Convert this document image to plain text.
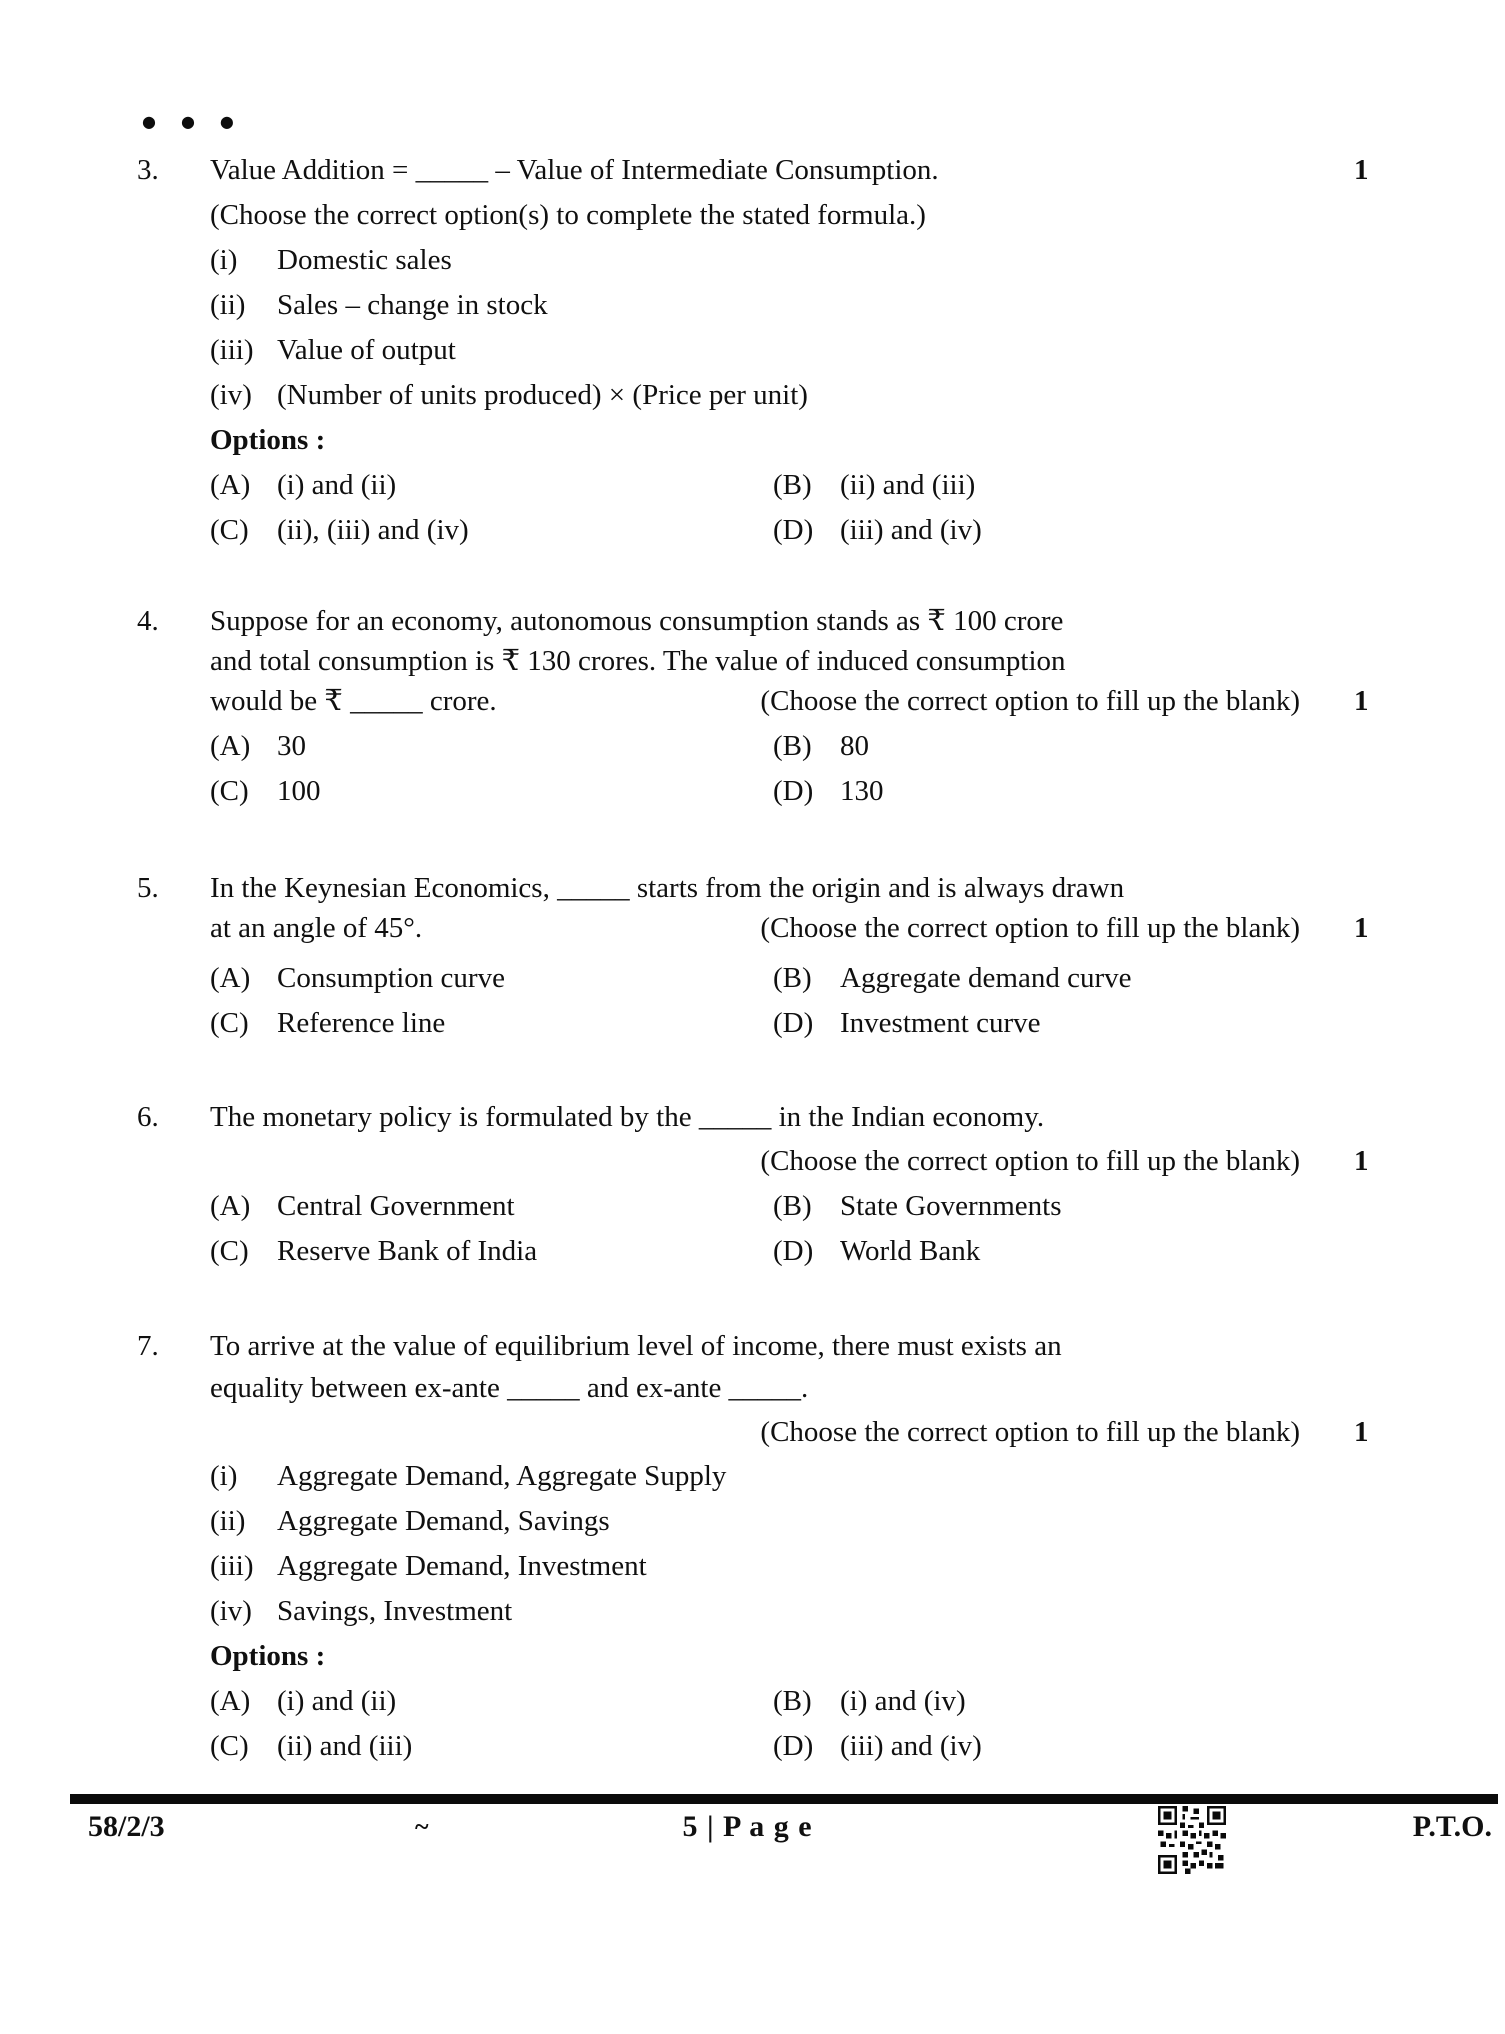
●●●
1
3.	Value Addition = _____ – Value of Intermediate Consumption.
(Choose the correct option(s) to complete the stated formula.)
(i) Domestic sales
(ii) Sales – change in stock
(iii) Value of output
(iv) (Number of units produced) × (Price per unit)
Options :
(A) (i) and (ii)	(B) (ii) and (iii)
(C) (ii), (iii) and (iv)	(D) (iii) and (iv)
1
4.	Suppose for an economy, autonomous consumption stands as ₹ 100 crore
and total consumption is ₹ 130 crores. The value of induced consumption
would be ₹ _____ crore.	(Choose the correct option to fill up the blank)
(A) 30	(B) 80
(C) 100	(D) 130
1
5.	In the Keynesian Economics, _____ starts from the origin and is always drawn
at an angle of 45°.	(Choose the correct option to fill up the blank)
(A) Consumption curve	(B) Aggregate demand curve
(C) Reference line	(D) Investment curve
1
6.	The monetary policy is formulated by the _____ in the Indian economy.
(Choose the correct option to fill up the blank)
(A) Central Government	(B) State Governments
(C) Reserve Bank of India	(D) World Bank
1
7.	To arrive at the value of equilibrium level of income, there must exists an
equality between ex-ante _____ and ex-ante _____.
(Choose the correct option to fill up the blank)
(i) Aggregate Demand, Aggregate Supply
(ii) Aggregate Demand, Savings
(iii) Aggregate Demand, Investment
(iv) Savings, Investment
Options :
(A) (i) and (ii)	(B) (i) and (iv)
(C) (ii) and (iii)	(D) (iii) and (iv)
58/2/3	~	5 | P a g e	P.T.O.
